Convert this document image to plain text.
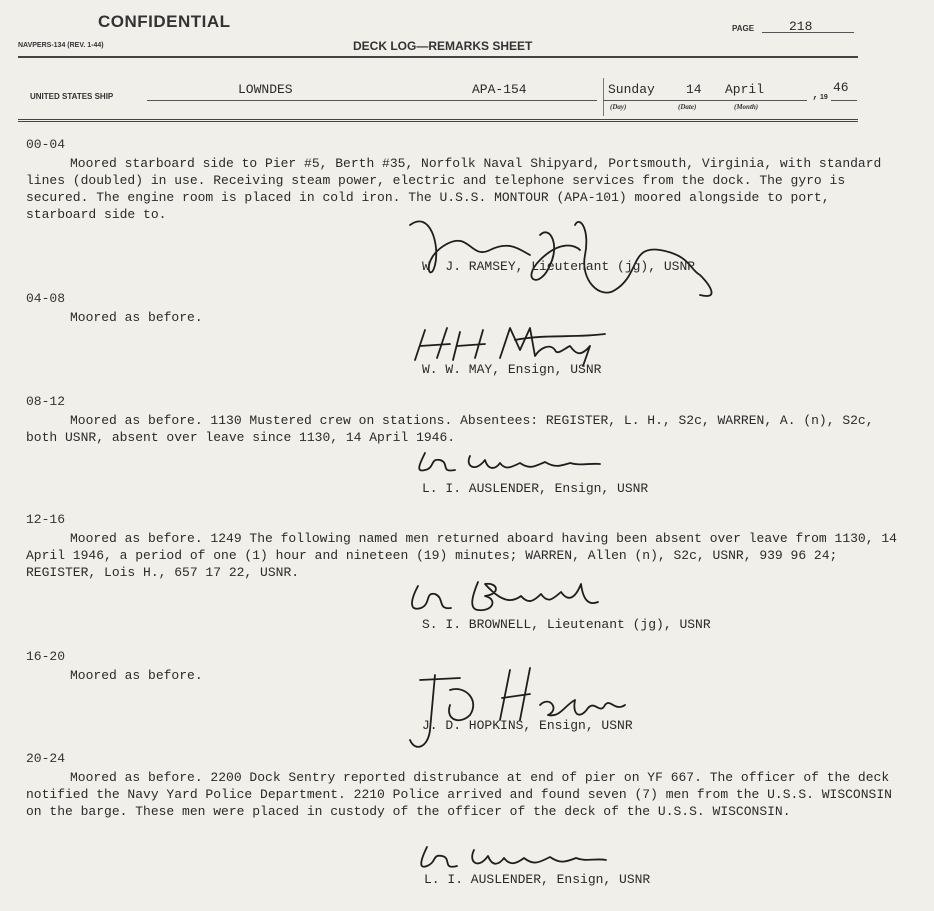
CONFIDENTIAL
NAVPERS-134 (REV. 1-44)	DECK LOG—REMARKS SHEET
PAGE	218
UNITED STATES SHIP	LOWNDES	APA-154	Sunday 14 April
(Day)	(Date)	(Month)
, 19
46
00-04

Moored starboard side to Pier #5, Berth #35, Norfolk Naval Shipyard, Portsmouth, Virginia, with standard lines (doubled) in use. Receiving steam power, electric and telephone services from the dock. The gyro is secured. The engine room is placed in cold iron. The U.S.S. MONTOUR (APA-101) moored alongside to port, starboard side to.

W. J. RAMSEY, Lieutenant (jg), USNR
04-08

Moored as before.

W. W. MAY, Ensign, USNR
08-12

Moored as before. 1130 Mustered crew on stations. Absentees: REGISTER, L. H., S2c, WARREN, A. (n), S2c, both USNR, absent over leave since 1130, 14 April 1946.

L. I. AUSLENDER, Ensign, USNR
12-16

Moored as before. 1249 The following named men returned aboard having been absent over leave from 1130, 14 April 1946, a period of one (1) hour and nineteen (19) minutes; WARREN, Allen (n), S2c, USNR, 939 96 24; REGISTER, Lois H., 657 17 22, USNR.

S. I. BROWNELL, Lieutenant (jg), USNR
16-20

Moored as before.

J. D. HOPKINS, Ensign, USNR
20-24

Moored as before. 2200 Dock Sentry reported distrubance at end of pier on YF 667. The officer of the deck notified the Navy Yard Police Department. 2210 Police arrived and found seven (7) men from the U.S.S. WISCONSIN on the barge. These men were placed in custody of the officer of the deck of the U.S.S. WISCONSIN.

L. I. AUSLENDER, Ensign, USNR
